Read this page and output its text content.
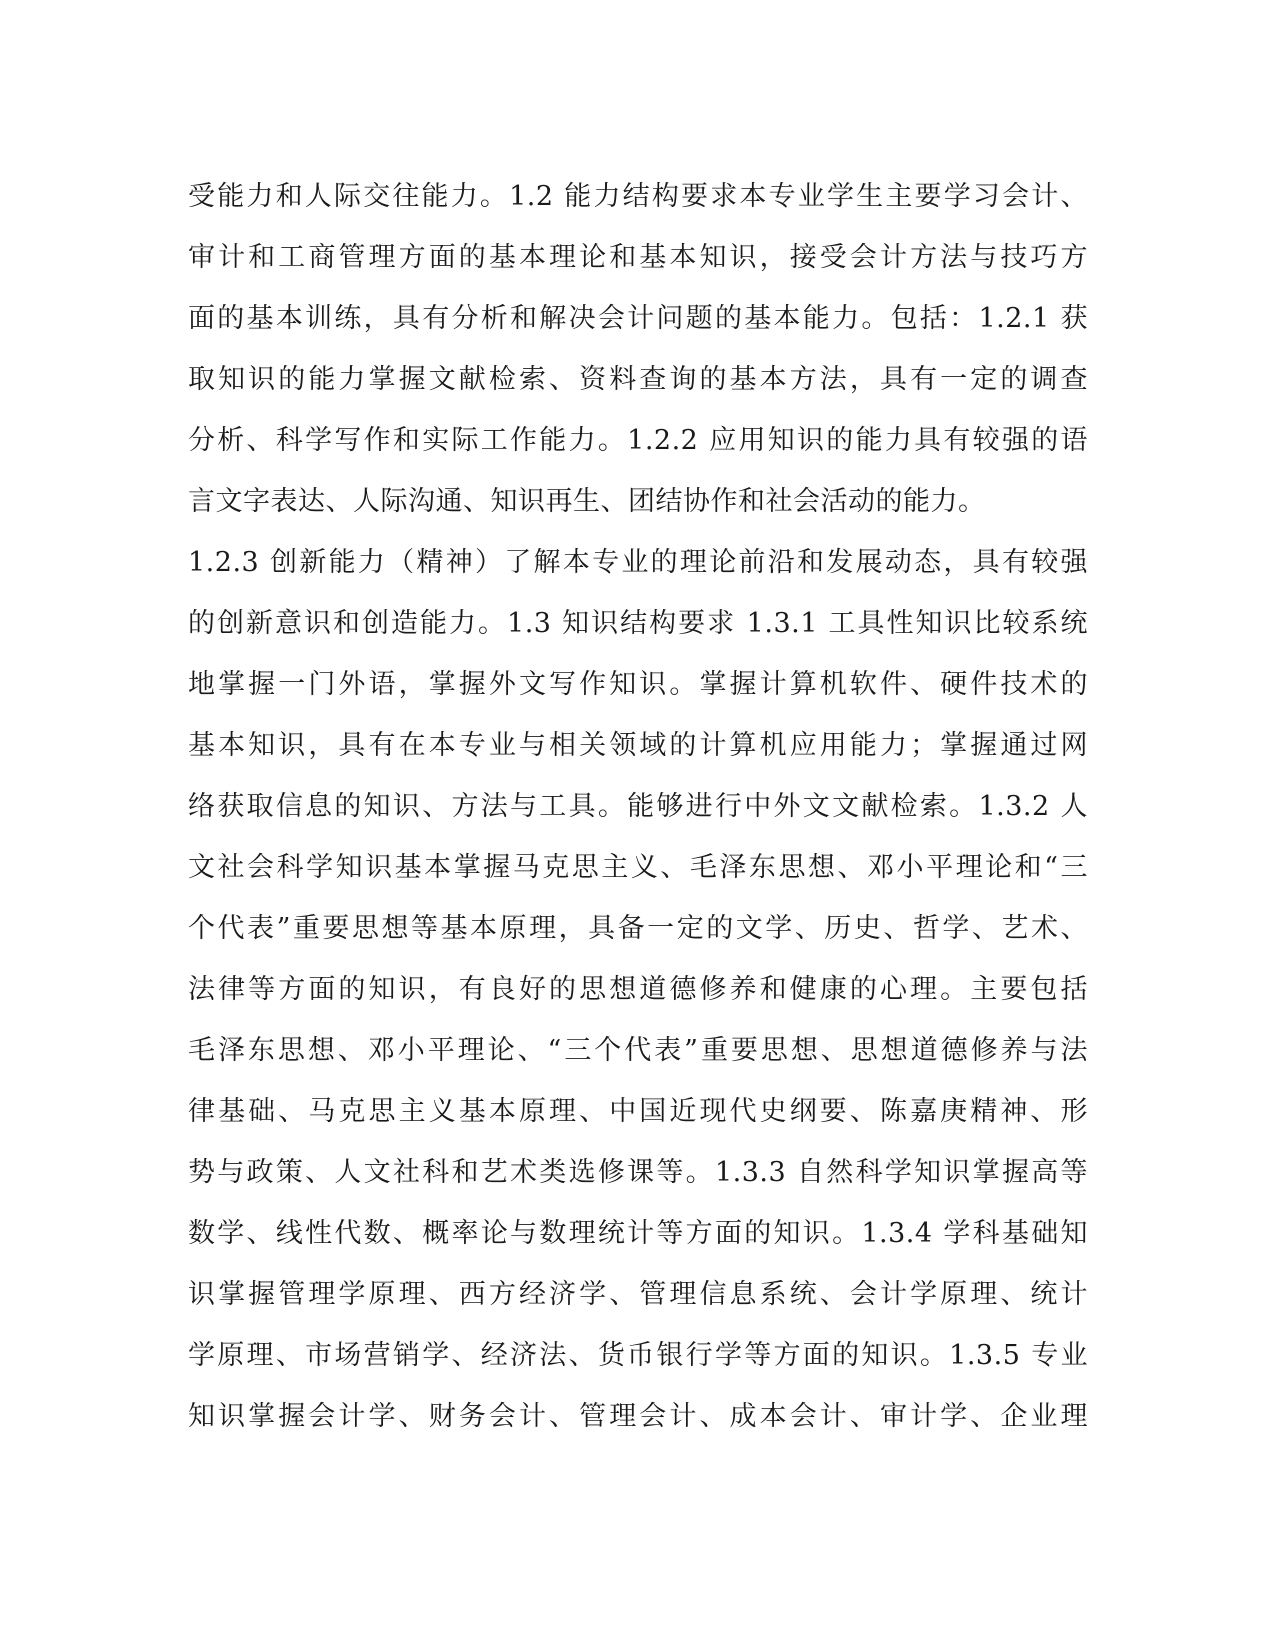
受能力和人际交往能力。1.2 能力结构要求本专业学生主要学习会计、
审计和工商管理方面的基本理论和基本知识，接受会计方法与技巧方
面的基本训练，具有分析和解决会计问题的基本能力。包括：1.2.1 获
取知识的能力掌握文献检索、资料查询的基本方法，具有一定的调查
分析、科学写作和实际工作能力。1.2.2 应用知识的能力具有较强的语
言文字表达、人际沟通、知识再生、团结协作和社会活动的能力。
1.2.3 创新能力（精神）了解本专业的理论前沿和发展动态，具有较强
的创新意识和创造能力。1.3 知识结构要求 1.3.1 工具性知识比较系统
地掌握一门外语，掌握外文写作知识。掌握计算机软件、硬件技术的
基本知识，具有在本专业与相关领域的计算机应用能力；掌握通过网
络获取信息的知识、方法与工具。能够进行中外文文献检索。1.3.2 人
文社会科学知识基本掌握马克思主义、毛泽东思想、邓小平理论和“三
个代表”重要思想等基本原理，具备一定的文学、历史、哲学、艺术、
法律等方面的知识，有良好的思想道德修养和健康的心理。主要包括
毛泽东思想、邓小平理论、“三个代表”重要思想、思想道德修养与法
律基础、马克思主义基本原理、中国近现代史纲要、陈嘉庚精神、形
势与政策、人文社科和艺术类选修课等。1.3.3 自然科学知识掌握高等
数学、线性代数、概率论与数理统计等方面的知识。1.3.4 学科基础知
识掌握管理学原理、西方经济学、管理信息系统、会计学原理、统计
学原理、市场营销学、经济法、货币银行学等方面的知识。1.3.5 专业
知识掌握会计学、财务会计、管理会计、成本会计、审计学、企业理
